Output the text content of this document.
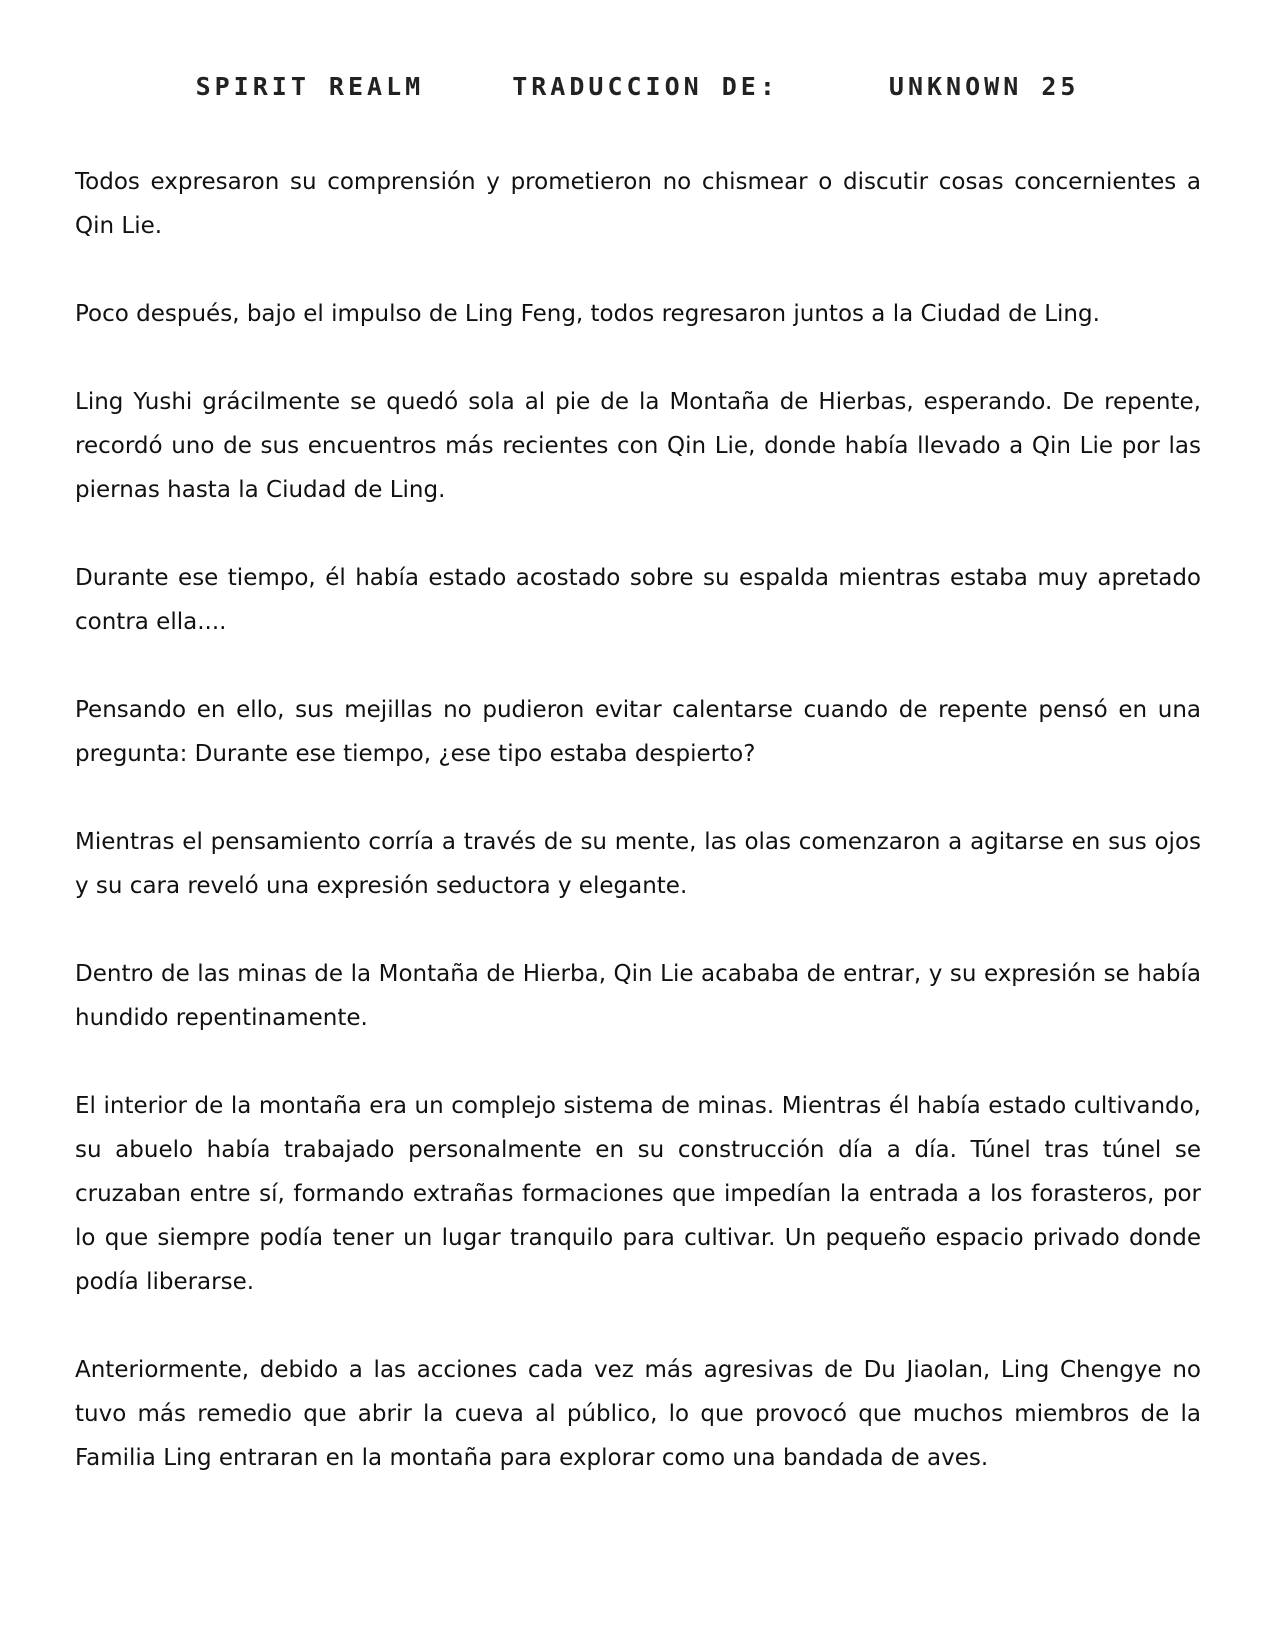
SPIRIT REALM	TRADUCCION DE:	UNKNOWN 25

Todos expresaron su comprensión y prometieron no chismear o discutir cosas concernientes a Qin Lie.

Poco después, bajo el impulso de Ling Feng, todos regresaron juntos a la Ciudad de Ling.

Ling Yushi grácilmente se quedó sola al pie de la Montaña de Hierbas, esperando. De repente, recordó uno de sus encuentros más recientes con Qin Lie, donde había llevado a Qin Lie por las piernas hasta la Ciudad de Ling.

Durante ese tiempo, él había estado acostado sobre su espalda mientras estaba muy apretado contra ella....

Pensando en ello, sus mejillas no pudieron evitar calentarse cuando de repente pensó en una pregunta: Durante ese tiempo, ¿ese tipo estaba despierto?

Mientras el pensamiento corría a través de su mente, las olas comenzaron a agitarse en sus ojos y su cara reveló una expresión seductora y elegante.

Dentro de las minas de la Montaña de Hierba, Qin Lie acababa de entrar, y su expresión se había hundido repentinamente.

El interior de la montaña era un complejo sistema de minas. Mientras él había estado cultivando, su abuelo había trabajado personalmente en su construcción día a día. Túnel tras túnel se cruzaban entre sí, formando extrañas formaciones que impedían la entrada a los forasteros, por lo que siempre podía tener un lugar tranquilo para cultivar. Un pequeño espacio privado donde podía liberarse.

Anteriormente, debido a las acciones cada vez más agresivas de Du Jiaolan, Ling Chengye no tuvo más remedio que abrir la cueva al público, lo que provocó que muchos miembros de la Familia Ling entraran en la montaña para explorar como una bandada de aves.
